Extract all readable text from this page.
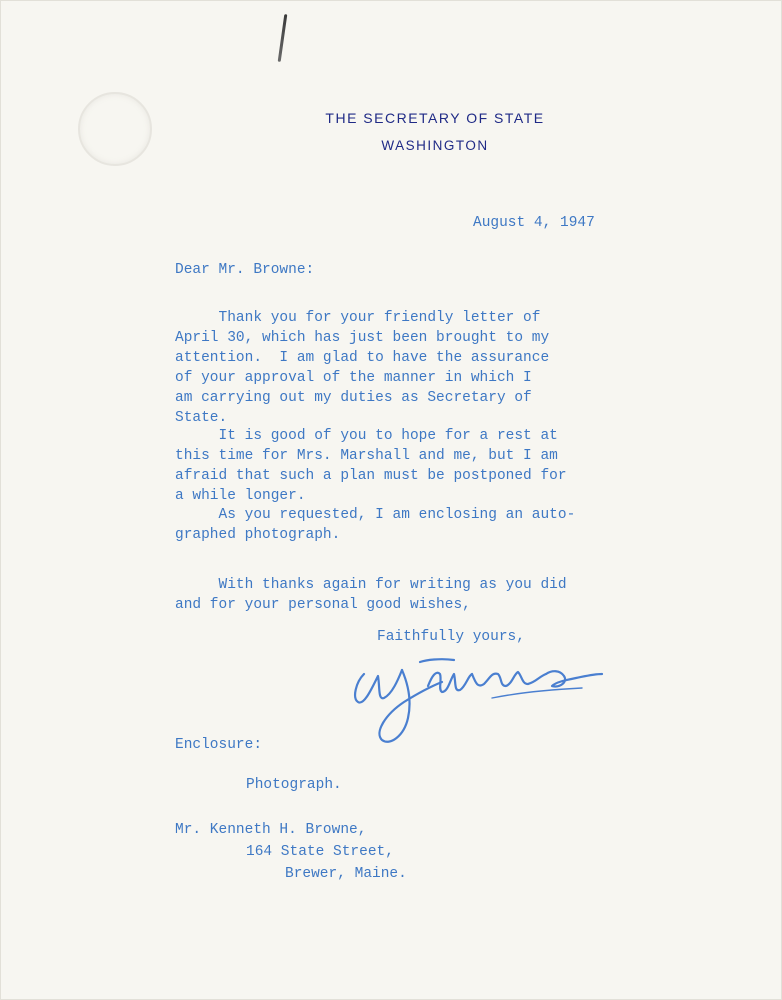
THE SECRETARY OF STATE
WASHINGTON
August 4, 1947
Dear Mr. Browne:
Thank you for your friendly letter of
April 30, which has just been brought to my
attention.  I am glad to have the assurance
of your approval of the manner in which I
am carrying out my duties as Secretary of
State.
It is good of you to hope for a rest at
this time for Mrs. Marshall and me, but I am
afraid that such a plan must be postponed for
a while longer.
As you requested, I am enclosing an auto-
graphed photograph.
With thanks again for writing as you did
and for your personal good wishes,
Faithfully yours,
Enclosure:
Photograph.
Mr. Kenneth H. Browne,
164 State Street,
Brewer, Maine.
